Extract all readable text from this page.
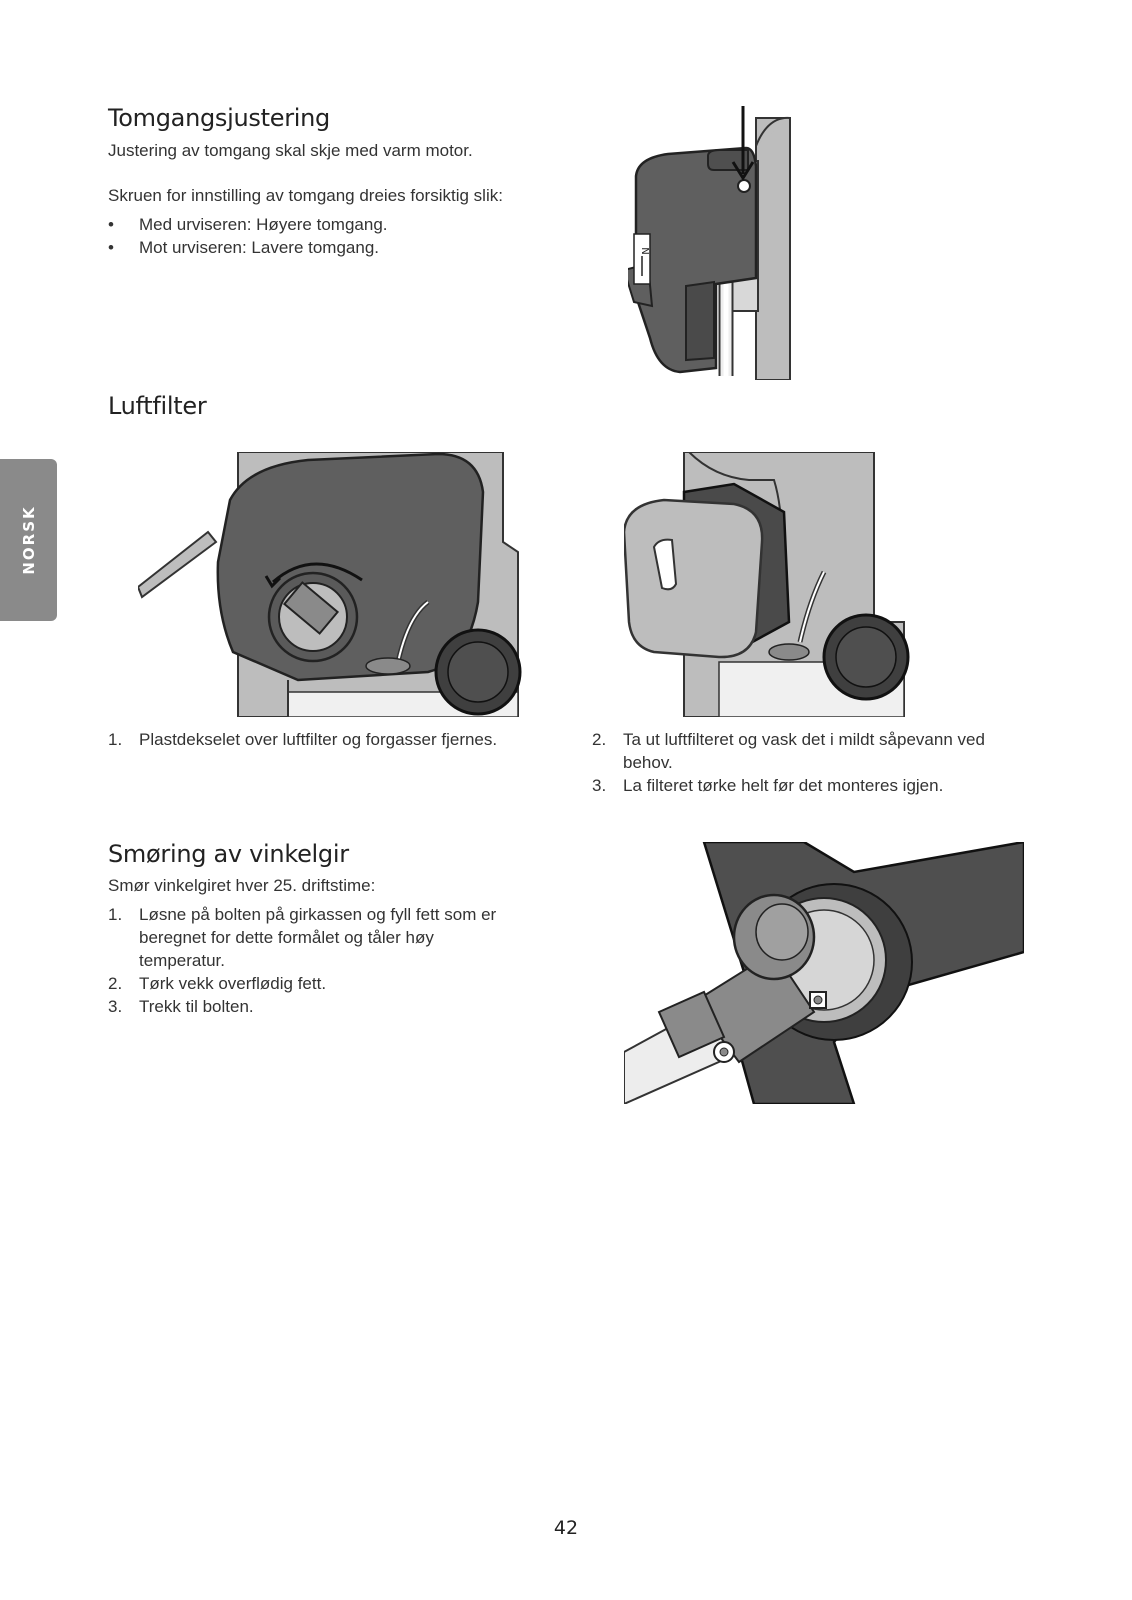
NORSK
Tomgangsjustering

Justering av tomgang skal skje med varm motor.

Skruen for innstilling av tomgang dreies forsiktig slik:

• Med urviseren: Høyere tomgang.
• Mot urviseren: Lavere tomgang.	N
Luftfilter
1. Plastdekselet over luftfilter og forgasser fjernes.	2. Ta ut luftfilteret og vask det i mildt såpevann ved behov.
3. La filteret tørke helt før det monteres igjen.
Smøring av vinkelgir

Smør vinkelgiret hver 25. driftstime:

1. Løsne på bolten på girkassen og fyll fett som er beregnet for dette formålet og tåler høy temperatur.
2. Tørk vekk overflødig fett.
3. Trekk til bolten.
42
